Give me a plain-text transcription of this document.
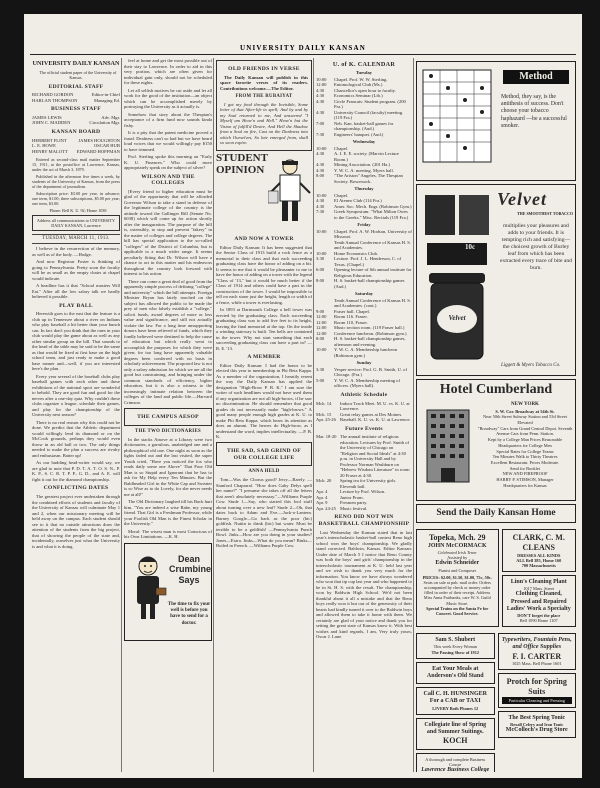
UNIVERSITY DAILY KANSAN
UNIVERSITY DAILY KANSAN
The official student paper of the University of Kansas.
EDITORIAL STAFF
RICHARD GORDON	Editor-in-Chief
HARLAN THOMPSON	Managing Ed.
BUSINESS STAFF
JAMES LEWIS	Adv. Mgr.
JOHN C. MADDEN	Circulation Mgr.
KANSAN BOARD
HERBERT FLINT	JAMES HOUGHTON
L. E. HOWE	OSCAR HUB
HENRY MALOTT EDWARD HOFFMAN
Entered as second-class mail matter September 15, 1911, at the postoffice at Lawrence, Kansas, under the act of March 3, 1879.
Published in the afternoon five times a week, by students of the University of Kansas, from the press of the department of journalism.
Subscription price: $3.00 per year, in advance; one term, $1.00; three subscriptions, $5.00 per year; one term, $3.00.
Phone: Bell K. U. 92; Home 1038
Address all communications to UNIVERSITY DAILY KANSAN, Lawrence
TUESDAY, MARCH 11, 1913.
I believe in the resurrection of the memory, as well as of the body. —Hodge.
And now Registrar Foster is thinking of going to Pennsylvania. Pretty soon the faculty will be as small as the empty chairs at chapel would indicate.
A headline has it that "School masters Will Eat." After all the low salary talk we hardly believed it possible.
PLAY BALL
Herewith goes to the east that the feature is a club up in Tennessee about a river on Indians who play baseball a hit better than your bunch can. In fact don't you think that the ones in your club would play the game about as well as any other similar group on the hill. That sounds to the head of the table may be said to be the same as that would be fixed at first base on the high school team, and just ready to make a good base runner and—well, if you are interested here's the plan.
Every year several of the baseball clubs play baseball games with each other and these exhibitions of the national sport are wonderful to behold. They are good fun and good for the nerves after a one-day quiz. Why couldn't these clubs organize a league, schedule their games, and play for the championship of the University next season?
There is no real reason why this could not be done. We predict that the Athletic department would willingly lend its diamond or on the McCook grounds, perhaps they would even throw in an old ball or two. The only things needed to make the plan a success are rivalry and enthusiasm. Batter up!
As our budding head-writer would say, we are glad to note that P. D. T. A. T. O. S. N., P. K. P., S. C. R. T. P. P., G. D., and A. E. will fight it out for the diamond championship.
CONFLICTING DATES
The greatest project ever undertaken through the combined efforts of students and faculty of the University of Kansas will culminate May 1 and 2, when our missionary meeting will be held away on the campus. Each student should see to it that no outside attractions draw the attention of the students from the big project, that of showing the people of the state and, incidentally, ourselves just what the University is and what it is doing.
feel at home and get the most possible out of their stay to Lawrence. In order to aid in this very portion, which are often given for individual gain only, should not be scheduled for these nights.
Let all selfish motives be cut aside and let all work for the good of the institution—an object which can be accomplished merely by portraying the University as it actually is.
Somehow that story about the Thespian's acceptance of a firm fund now sounds kinda fishy.
It is a pity that the patent medicine proved a fraud. Deafness can't so bad but we have heard loud voices that we would willingly pay $150 to have trimmed.
Prof. Sterling spoke this morning on "Early K. U. Finances." Who could more appropriately speak on the subject of silver?
WILSON AND THE COLLEGES
[Every friend to higher education must be glad of the opportunity that will be afforded Governor Wilson to take a stand in defense of the legitimate college of the country is the attitude toward the Gallinger Bill (Senate No. 6038) which will come up for action shortly after the inauguration. The purpose of the bill is, ostensibly, to stop and prevent "fakery" in the matter of colleges and college degrees. The bill has special application to the so-called "colleges" of the District of Columbia, but is applicable to a much wider range. It seems peculiarly fitting that Dr. Wilson will have a chance to act in this matter and his endeavors throughout the country look forward with interest to his action.
There can come a great deal of good from the apparently simple process of defining "college" and university" which the bill attempts. Foreign Minister Bryan has lately touched on the subject has allowed the public to be made the prey of men who falsely establish a "college," solicit funds, award degrees of more or less value and significance, and still not actually violate the law. For a long time unsupporting donors have been relieved of funds, which they fondly believed were destined to help the cause of education but which really went to accomplish the purposes for which they were given; for too long have apparently valuable degrees been conferred with no basis in scholarly achievement. The proposed law is not only a salary admission for which we are all the good but constraining, and bringing under the common standards of efficiency, higher education, but it is also a witness to the increasingly intimate relation between the colleges of the land and public life.—Harvard Crimson.
THE CAMPUS AESOP
THE TWO DICTIONARIES
In the stacks Ainove at a Library were two dictionaries, a garrulous, unabridged one and a philosophical old one. One night as soon as the lights faded out and the last visited, the super Youth cried, "Have you noticed the fox who reads daily some one Above" That Poor Old Man is so Stupid and Ignorant that he has to ask for My Help every Ten Minutes. But the Baldheaded Girl in the White Cap and Sweater is so Wise as to do Lovely, for she never needs me at all!"
The Old Dictionary laughed till his Back hurt him. "You are indeed a wise Babe, my young friend. That Girl is a Freshman Professor, while your Foolish Old Man is the Finest Scholar in the University."
Moral: The wisest man is most Conscious of his Own Limitations. —K. H.
Dean Crumbine Says
The time to fix your well is before you have to send for a doctor.
OLD FRIENDS IN VERSE
The Daily Kansan will publish in this space favorite verses of its readers. Contributions welcome.—The Editor.
FROM THE RUBAIYAT
I got my food through the Invisible, Some letter of that After-life to spell; And by and by my Soul returned to me, And answered "I Myself am Heav'n and Hell." Heav'n but the Vision of fulfill'd Desire, And Hell the Shadow from a Soul on fire, Cast on the Darkness into which Ourselves, So late emerged from, shall so soon expire.
STUDENT OPINION
AND NOW A TOWER
Editor Daily Kansan: It has been suggested that the Senior Class of 1913 build a rock fence as a memorial to their class and that each succeeding graduating class have the honor of adding on a bit. It seems to me that it would be pleasanter to me to have the honor of adding on a tower with the legend "Class of '13," but it would be much better if the Class of 1914 and others could have a part in the construction of the tower. I would be impossible to tell on each stone just the height, length or width of a fence, while a tower is everlasting.
In 1893 at Dartmouth College a bell tower was erected by the graduating class. Each succeeding graduating class was to add five feet to its height, leaving the final memorial at the top. On the inside a winding stairway is built. Ten bells are contained in the tower. Why not start something that each succeeding graduating class can have a part in? —R. E. '13.
A MEMBER
Editor Daily Kansan: I had the honor to be elected this year to membership in Phi Beta Kappa. As a member of the organization, I heartily resent the way the Daily Kansan has applied the designation "High-Brow P. B. K." I am sure the writer of such headlines would not have used them if any organization are not all high-brows, if he saw no discrimination. He should remember that good grades do not necessarily make "high-brows." A good many people enough high grades at K. U. to make Phi Beta Kappa, which bears its attention as does an alumni. The heroes do High-brow, as I understand the word, implies intellectuality. —P. B. K.
THE SAD, SAD GRIND OF OUR COLLEGE LIFE
ANNA HELD
Tom—Was the Chorus good? Jerry—Rarely. —Stanford Chaparral. "How does Gaby Delys spell her name?" "I presume she takes off all the letters that aren't absolutely necessary."—Williams Purple Cow. Stude 1—Say, who started this fool stuff about turning over a new leaf? Stude 2—Oh, that dates back to Adam and Eve.—Jack-o-Lantern. Barney Google—Go back as the poor (hic) goldfish. Nuttin to drink (hic) but water. Must be terrible to be a goldfish! —Pennsylvania Punch Bowl. Jinks—How are you doing in your studies? Jones—Extra. Jinks—What do you mean? Binks—Boiled in French. —Williams Purple Cow.
U. of K. CALENDAR
Tuesday
10:00	Chapel. Prof. W. W. Sterling.
12:00	Entomological Club (Ms.)
4:30	Chancellor's open hour to faculty.
4:30	Economics Seminar (Lib.)
4:30	Circle Francais: Student program. (200 Fra.)
4:30	University Council (faculty) meeting. (119 Fra.)
7:00	Neb. Kan. basket-ball games for championship. (Aud.)
7:30	Engineers' banquet. (Aud.)
Wednesday
10:00	Chapel.
4:30	A. I. E. E. society. (Marvin Lecture Room.)
4:30	Mining Association. (201 Ha.)
4:30	Y. W. C. A. meeting. Myers hall.
8:00	"The Ariston" Angeles, The Thespian Society. Bowersock.
Thursday
10:00	Chapel.
4:30	El Ateneo Club (114 Fra.)
4:30	Amer. Soc. Mech. Engr. (Robinson Gym.)
7:30	Greek Symposium: "What Milton Owes to the Greeks." Misc. Recitals (119 Fra.)
Friday
10:00	Chapel. Prof. A. W. Hodson, University of Missouri.
Tenth Annual Conference of Kansas H. S. and Academies.
10:00	Home Economics Club.
3:30	Lecture. Prof. J. L. Henderson, C. of Texas. (Chapel.)
6:00	Opening lecture of Sth annual institute for Religious Education.
8:00	H. S. basket-ball championship games (Aud.)
Saturday
Tenth Annual Conference of Kansas H. S. and Academies. (cont.)
9:00	Fraser hall. Chapel.
12:00	Room 116. Fraser.
12:00	Room 110, Fraser.
12:00	Music section room. (119 Fraser hall.)
12:00	Conference luncheon. (Robinson gym.)
8:00	H. S. basket-ball championship games, afternoon and evening.
10:00	Y. W. C. A. Membership luncheon (Robinson gym.)
Sunday
3:30	Vesper service: Prof. G. B. Smith, U. of Chicago. (Fra.)
5:00	Y. W. C. A. Membership meeting of officers. (Myers hall).
Athletic Schedule
Mch. 14	Indoor Track Meet. M. U. vs. K. U. at Lawrence.
Mch. 15	Great relay games at Des Moines.
Apr. 25-26 Baseball. K. U. vs. K. U. at Lawrence.
Future Events
Mar. 18-20 The annual institute of religious education. Lectures by Prof. Smith of the University of Chicago on "Religion and Social Ideals" at 4:30 p.m. in University Hall and by Professor Norman Washburn on "Hebrew Wisdom Literature" in room 20 Fraser at 4:30.
Mch. 20	Spring tea for University girls. Eleventh hall.
Apr. 4	Lecture by Prof. Wilson.
Apr. 4	Junior Prom.
Apr. 9	Fresmen party.
Apr. 24-25 Music festival.
RENO DID NOT WIN BASKETBALL CHAMPIONSHIP
Last Wednesday the Kansan stated that in last year's interscholastic basket-ball contest Reno high school won the boys' championship. We gladly stand corrected. Baldwin, Kansas. Editor Kansan: Under date of March 5 I notice that Reno County was both the boys' and girls' championship in the interscholastic tournament at K. U. held last year and we wish to thank you very much for the information. You know we have always wondered who won that tip cup last year and who happened to be in St. H. S. with the result. The championship, won by Baldwin High School. We'd not been thankful about it all a mistake and that the Reno boys really won it but out of the generosity of their hearts had kindly turned it over to the Baldwin boys and allowed them to take it home with them. We certainly are glad of your notice and thank you for setting the great state of Kansas know it. With best wishes and kind regards, I am, Very truly yours, Oscar J. Lane.
Method
Method, they say, is the antithesis of success. Don't choose your tobacco haphazard —be a successful smoker.
10c
Velvet
Velvet
THE SMOOTHEST TOBACCO
multiplies your pleasures and adds to your friends. It is tempting rich and satisfying—the choicest growth of Burley leaf from which has been extracted every trace of bite and burn.
Liggett & Myers Tobacco Co.
Hotel Cumberland
NEW YORK
S. W. Cor. Broadway at 54th St.
Near 50th Street Subway Station and 53d Street Elevated
"Broadway" Cars from Grand Central Depot. Seventh Avenue Cars from Penn. Station.
Kept by a College Man Prices Reasonable
Headquarters for College Men
Special Rates for College Teams
Ten Minutes Walk to Thirty Theatres
Excellent Restaurant. Prices Moderate.
Send for Booklet
NEW AND FIREPROOF
HARRY P. STIMSON, Manager
Headquarters for Kansas
Send the Daily Kansan Home
Topeka, Mch. 29
JOHN McCORMACK
Celebrated Irish Tenor
Assisted by
Edwin Schneider
Pianist and Composer
PRICES: $2.00, $1.50, $1.00, 75c, 50c.
Seats on sale at pub. mail order. Orders accompanied by check or money order filled in order of their receipt. Address Miss Anna Fairbanks, care W. S. Guild Music Store.
Special Trains on the Santa Fe for Concert. Good Service.
CLARK, C. M. CLEANS
DRESSES ALL KINDS
ALL Bell 385, Home 160
700 Massachusetts
Linn's Cleaning Plant
1017 Mass. Street
Clothing Cleaned, Pressed and Repaired
Ladies' Work a Specialty
DON'T forget the place
Bell 1090 Home 1107
Sam S. Shubert
This week Every Woman
The Passing Show of 1912
Eat Your Meals at Anderson's Old Stand
Call C. H. HUNSINGER For a CAB or TAXI
LIVERY Both Phones 12
Collegiate line of Spring and Summer Suitings.
KOCH
A thorough and complete Business Course
Lawrence Business College
Typewriters, Fountain Pens, and Office Supplies
F. I. CARTER
1025 Mass. Bell Phone 1601
Protch for Spring Suits
Particular Cleaning and Pressing
The Best Spring Tonic
Rexall Celery and Iron Tonic
McColloch's Drug Store
